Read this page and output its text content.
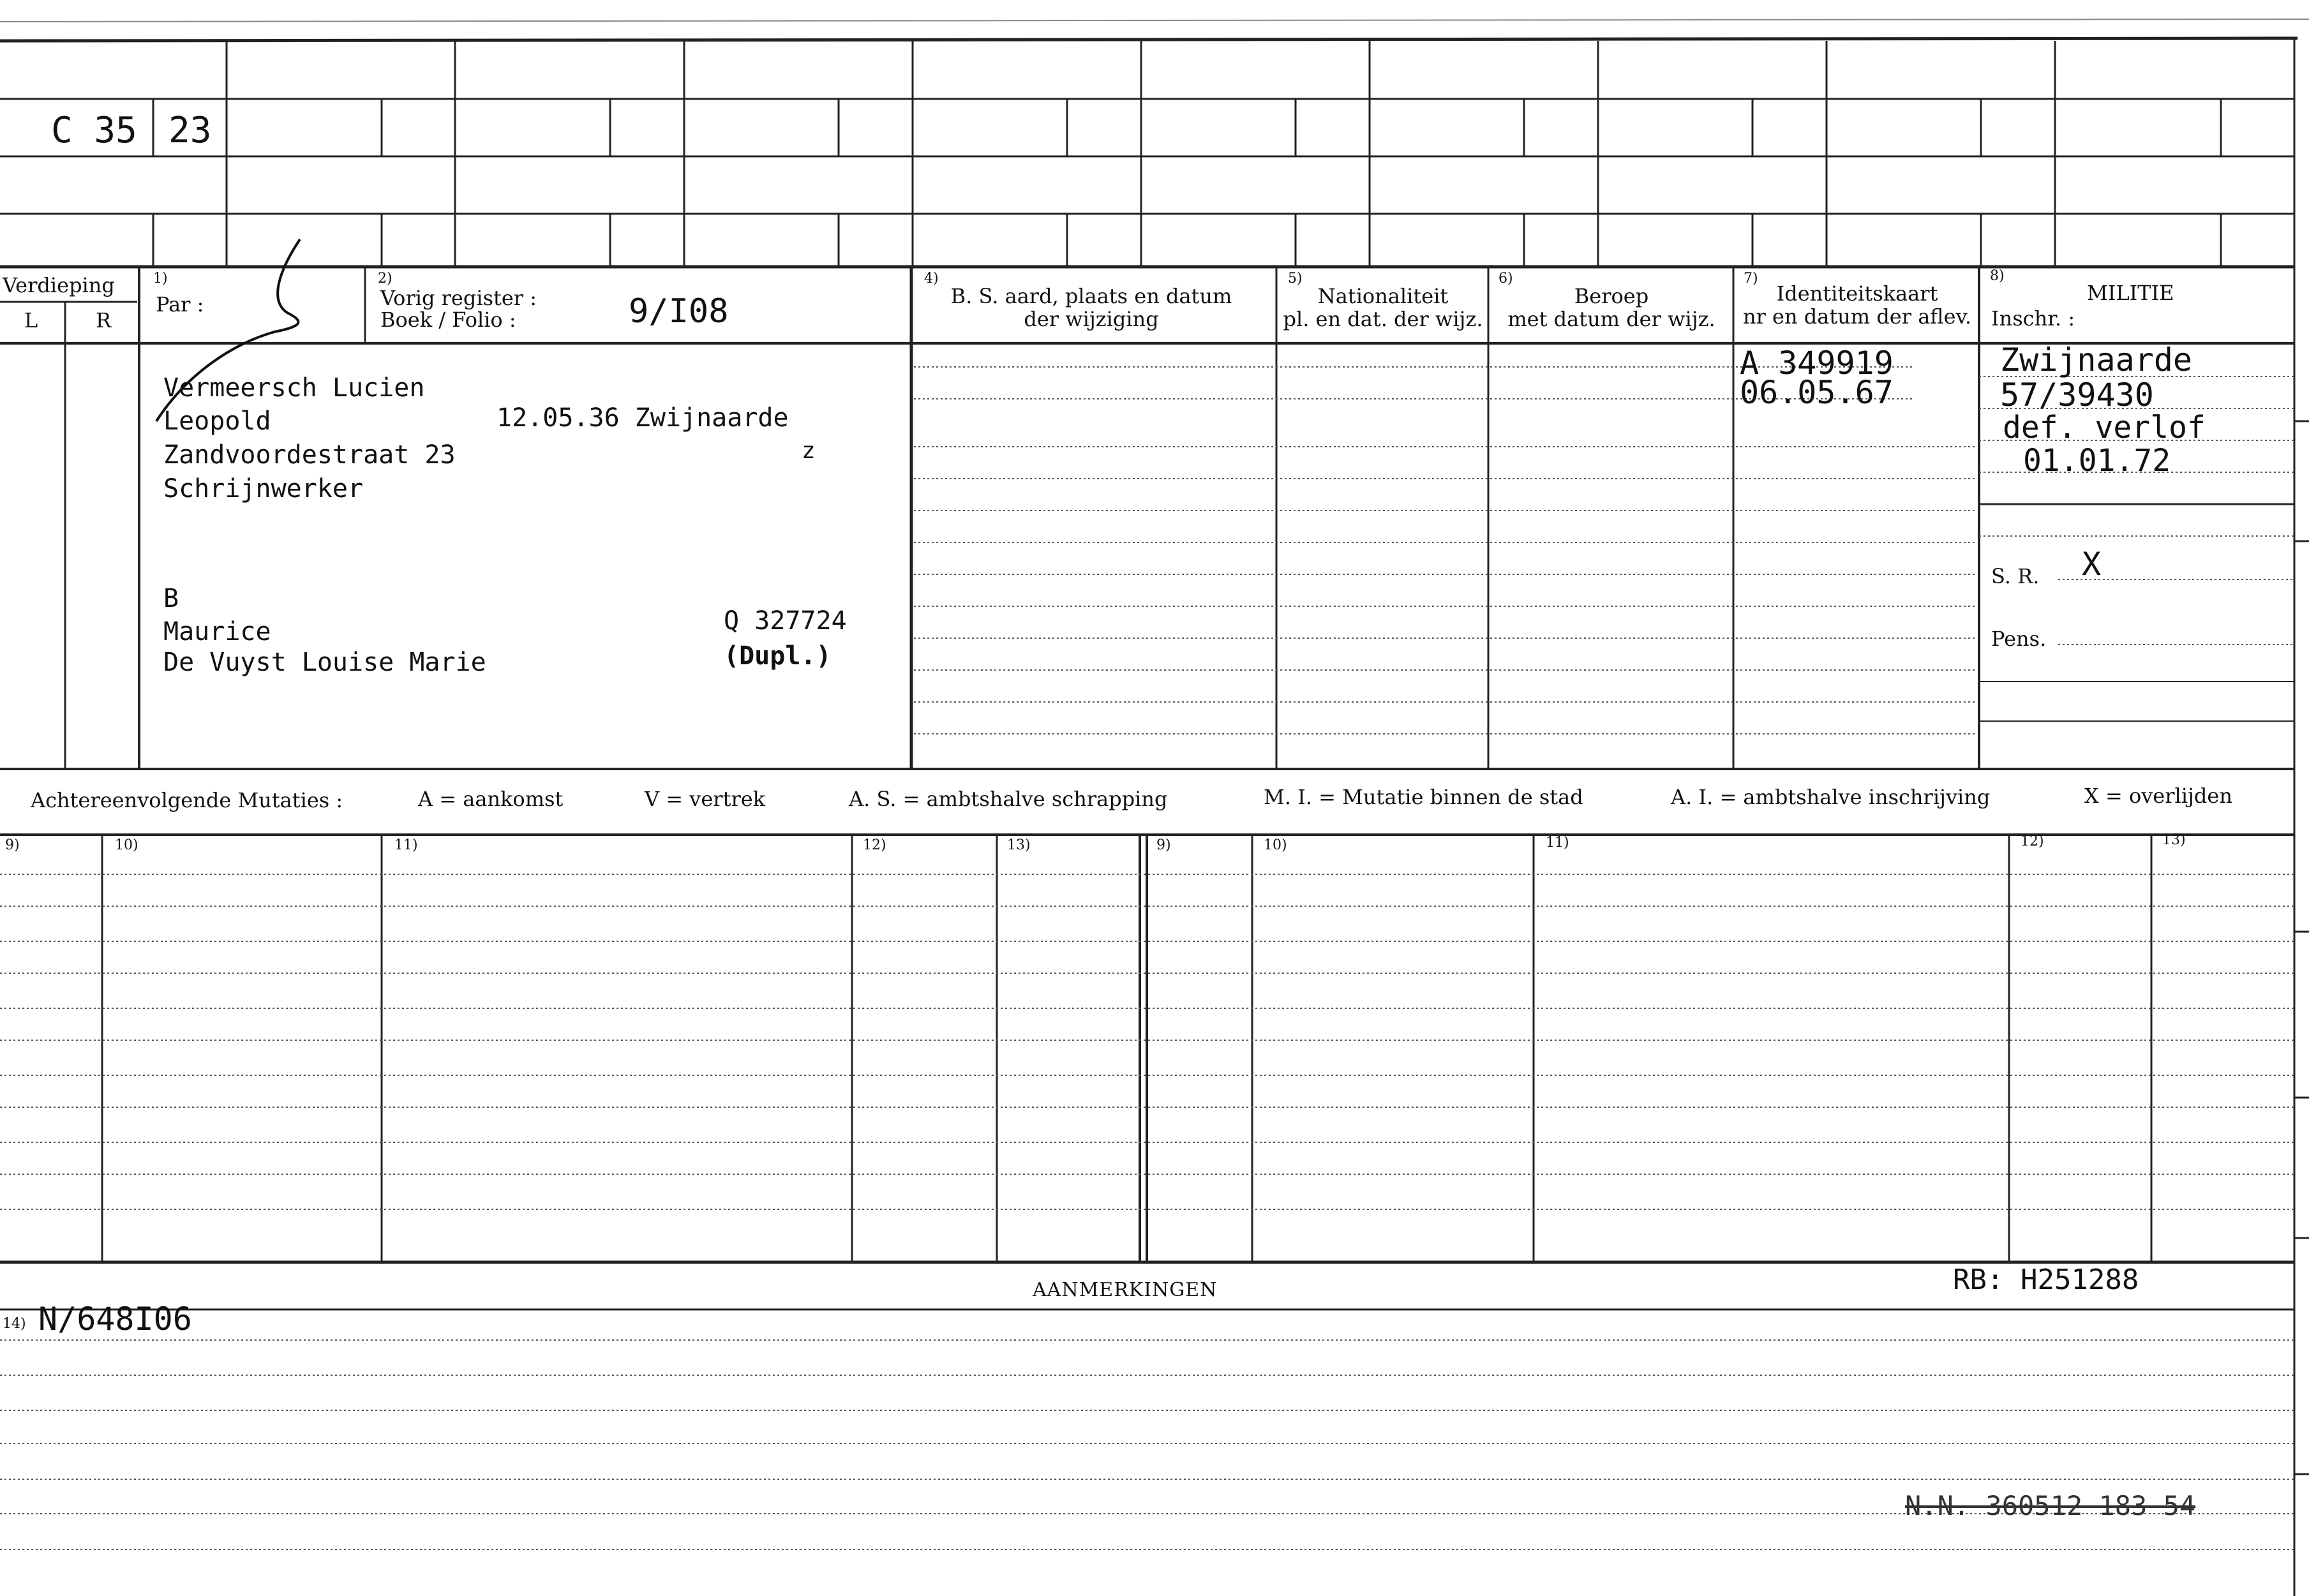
C 35 23
Verdieping
L	R
1)
Par :
2)
Vorig register :
Boek / Folio :	9/I08
4)
B. S. aard, plaats en datum
der wijziging
5)
Nationaliteit
pl. en dat. der wijz.
6)
Beroep
met datum der wijz.
7)
Identiteitskaart
nr en datum der aflev.
8)
MILITIE
Inschr. :
Vermeersch Lucien
Leopold	12.05.36 Zwijnaarde
Zandvoordestraat 23	z
Schrijnwerker
B
Maurice	Q 327724
De Vuyst Louise Marie	(Dupl.)
A 349919
06.05.67
Zwijnaarde
57/39430
def. verlof
01.01.72
S. R. X
Pens.
Achtereenvolgende Mutaties :	A = aankomst	V = vertrek	A. S. = ambtshalve schrapping	M. I. = Mutatie binnen de stad	A. I. = ambtshalve inschrijving	X = overlijden
9)	10)	11)	12)	13)	9)	10)	11)	12)	13)
AANMERKINGEN	RB: H251288
14) N/648I06
N.N. 360512 183 54
